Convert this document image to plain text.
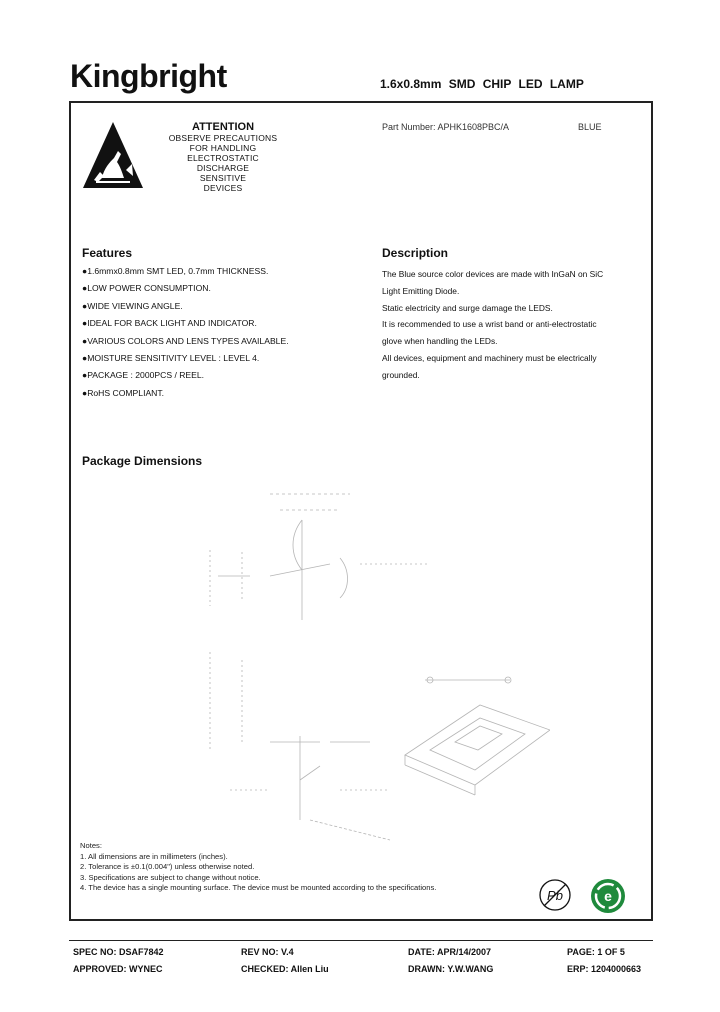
Kingbright	1.6x0.8mm SMD CHIP LED LAMP
ATTENTION
OBSERVE PRECAUTIONS
FOR HANDLING
ELECTROSTATIC
DISCHARGE
SENSITIVE
DEVICES
Part Number: APHK1608PBC/A	BLUE
Features
●1.6mmx0.8mm SMT LED, 0.7mm THICKNESS.
●LOW POWER CONSUMPTION.
●WIDE VIEWING ANGLE.
●IDEAL FOR BACK LIGHT AND INDICATOR.
●VARIOUS COLORS AND LENS TYPES AVAILABLE.
●MOISTURE SENSITIVITY LEVEL : LEVEL 4.
●PACKAGE : 2000PCS / REEL.
●RoHS COMPLIANT.
Description
The Blue source color devices are made with InGaN on SiC
Light Emitting Diode.
Static electricity and surge damage the LEDS.
It is recommended to use a wrist band or anti-electrostatic
glove when handling the LEDs.
All devices, equipment and machinery must be electrically
grounded.
Package Dimensions
Notes:
1. All dimensions are in millimeters (inches).
2. Tolerance is ±0.1(0.004") unless otherwise noted.
3. Specifications are subject to change without notice.
4. The device has a single mounting surface. The device must be mounted according to the specifications.
Pb	e
SPEC NO: DSAF7842	REV NO: V.4	DATE: APR/14/2007	PAGE: 1 OF 5
APPROVED: WYNEC	CHECKED: Allen Liu	DRAWN: Y.W.WANG	ERP: 1204000663
